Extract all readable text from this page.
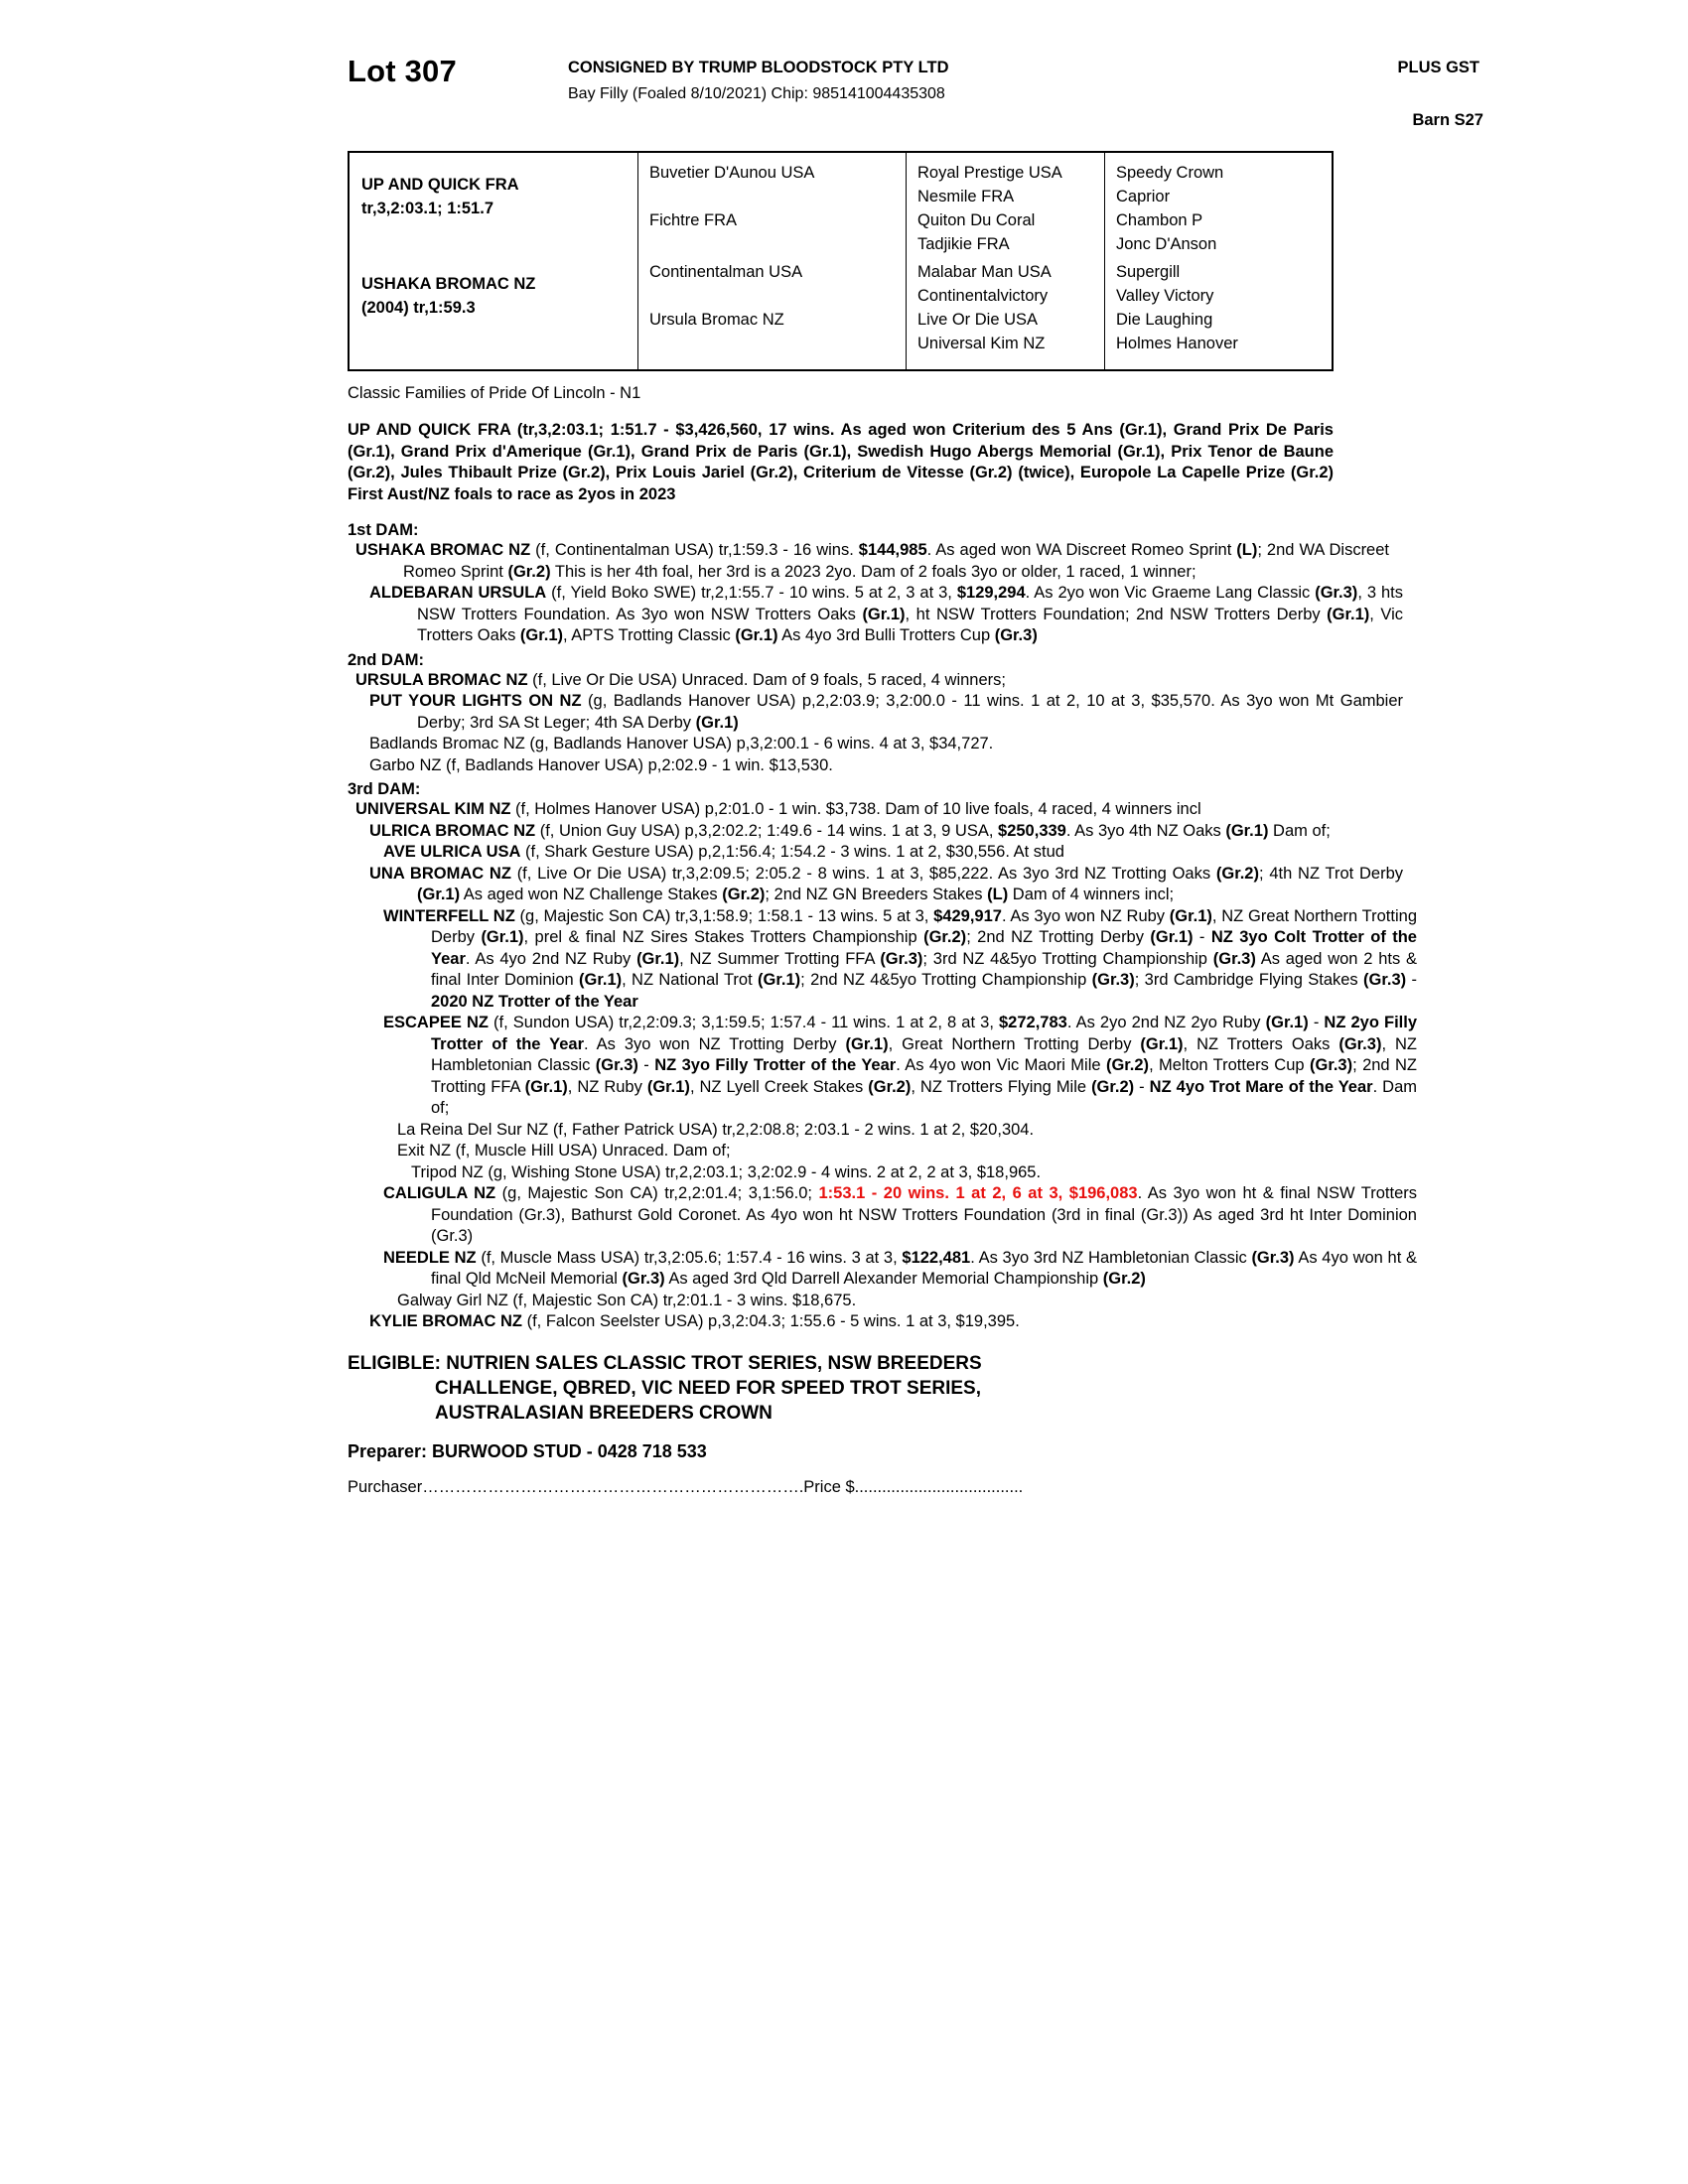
Lot 307	CONSIGNED BY TRUMP BLOODSTOCK PTY LTD	PLUS GST
Bay Filly (Foaled 8/10/2021) Chip: 985141004435308
Barn S27
UP AND QUICK FRA
tr,3,2:03.1; 1:51.7
USHAKA BROMAC NZ
(2004) tr,1:59.3
Buvetier D'Aunou USA
Fichtre FRA
Continentalman USA
Ursula Bromac NZ
Royal Prestige USA
Nesmile FRA
Quiton Du Coral
Tadjikie FRA
Malabar Man USA
Continentalvictory
Live Or Die USA
Universal Kim NZ
Speedy Crown
Caprior
Chambon P
Jonc D'Anson
Supergill
Valley Victory
Die Laughing
Holmes Hanover
Classic Families of Pride Of Lincoln - N1
UP AND QUICK FRA (tr,3,2:03.1; 1:51.7 - $3,426,560, 17 wins. As aged won Criterium des 5 Ans (Gr.1), Grand Prix De Paris (Gr.1), Grand Prix d'Amerique (Gr.1), Grand Prix de Paris (Gr.1), Swedish Hugo Abergs Memorial (Gr.1), Prix Tenor de Baune (Gr.2), Jules Thibault Prize (Gr.2), Prix Louis Jariel (Gr.2), Criterium de Vitesse (Gr.2) (twice), Europole La Capelle Prize (Gr.2) First Aust/NZ foals to race as 2yos in 2023
1st DAM:

USHAKA BROMAC NZ (f, Continentalman USA) tr,1:59.3 - 16 wins. $144,985. As aged won WA Discreet Romeo Sprint (L); 2nd WA Discreet Romeo Sprint (Gr.2) This is her 4th foal, her 3rd is a 2023 2yo. Dam of 2 foals 3yo or older, 1 raced, 1 winner;

ALDEBARAN URSULA (f, Yield Boko SWE) tr,2,1:55.7 - 10 wins. 5 at 2, 3 at 3, $129,294. As 2yo won Vic Graeme Lang Classic (Gr.3), 3 hts NSW Trotters Foundation. As 3yo won NSW Trotters Oaks (Gr.1), ht NSW Trotters Foundation; 2nd NSW Trotters Derby (Gr.1), Vic Trotters Oaks (Gr.1), APTS Trotting Classic (Gr.1) As 4yo 3rd Bulli Trotters Cup (Gr.3)

2nd DAM:

URSULA BROMAC NZ (f, Live Or Die USA) Unraced. Dam of 9 foals, 5 raced, 4 winners;

PUT YOUR LIGHTS ON NZ (g, Badlands Hanover USA) p,2,2:03.9; 3,2:00.0 - 11 wins. 1 at 2, 10 at 3, $35,570. As 3yo won Mt Gambier Derby; 3rd SA St Leger; 4th SA Derby (Gr.1)

Badlands Bromac NZ (g, Badlands Hanover USA) p,3,2:00.1 - 6 wins. 4 at 3, $34,727.

Garbo NZ (f, Badlands Hanover USA) p,2:02.9 - 1 win. $13,530.

3rd DAM:

UNIVERSAL KIM NZ (f, Holmes Hanover USA) p,2:01.0 - 1 win. $3,738. Dam of 10 live foals, 4 raced, 4 winners incl

ULRICA BROMAC NZ (f, Union Guy USA) p,3,2:02.2; 1:49.6 - 14 wins. 1 at 3, 9 USA, $250,339. As 3yo 4th NZ Oaks (Gr.1) Dam of;

AVE ULRICA USA (f, Shark Gesture USA) p,2,1:56.4; 1:54.2 - 3 wins. 1 at 2, $30,556. At stud

UNA BROMAC NZ (f, Live Or Die USA) tr,3,2:09.5; 2:05.2 - 8 wins. 1 at 3, $85,222. As 3yo 3rd NZ Trotting Oaks (Gr.2); 4th NZ Trot Derby (Gr.1) As aged won NZ Challenge Stakes (Gr.2); 2nd NZ GN Breeders Stakes (L) Dam of 4 winners incl;

WINTERFELL NZ (g, Majestic Son CA) tr,3,1:58.9; 1:58.1 - 13 wins. 5 at 3, $429,917. As 3yo won NZ Ruby (Gr.1), NZ Great Northern Trotting Derby (Gr.1), prel & final NZ Sires Stakes Trotters Championship (Gr.2); 2nd NZ Trotting Derby (Gr.1) - NZ 3yo Colt Trotter of the Year. As 4yo 2nd NZ Ruby (Gr.1), NZ Summer Trotting FFA (Gr.3); 3rd NZ 4&5yo Trotting Championship (Gr.3) As aged won 2 hts & final Inter Dominion (Gr.1), NZ National Trot (Gr.1); 2nd NZ 4&5yo Trotting Championship (Gr.3); 3rd Cambridge Flying Stakes (Gr.3) - 2020 NZ Trotter of the Year

ESCAPEE NZ (f, Sundon USA) tr,2,2:09.3; 3,1:59.5; 1:57.4 - 11 wins. 1 at 2, 8 at 3, $272,783. As 2yo 2nd NZ 2yo Ruby (Gr.1) - NZ 2yo Filly Trotter of the Year. As 3yo won NZ Trotting Derby (Gr.1), Great Northern Trotting Derby (Gr.1), NZ Trotters Oaks (Gr.3), NZ Hambletonian Classic (Gr.3) - NZ 3yo Filly Trotter of the Year. As 4yo won Vic Maori Mile (Gr.2), Melton Trotters Cup (Gr.3); 2nd NZ Trotting FFA (Gr.1), NZ Ruby (Gr.1), NZ Lyell Creek Stakes (Gr.2), NZ Trotters Flying Mile (Gr.2) - NZ 4yo Trot Mare of the Year. Dam of;

La Reina Del Sur NZ (f, Father Patrick USA) tr,2,2:08.8; 2:03.1 - 2 wins. 1 at 2, $20,304.

Exit NZ (f, Muscle Hill USA) Unraced. Dam of;

Tripod NZ (g, Wishing Stone USA) tr,2,2:03.1; 3,2:02.9 - 4 wins. 2 at 2, 2 at 3, $18,965.

CALIGULA NZ (g, Majestic Son CA) tr,2,2:01.4; 3,1:56.0; 1:53.1 - 20 wins. 1 at 2, 6 at 3, $196,083. As 3yo won ht & final NSW Trotters Foundation (Gr.3), Bathurst Gold Coronet. As 4yo won ht NSW Trotters Foundation (3rd in final (Gr.3)) As aged 3rd ht Inter Dominion (Gr.3)

NEEDLE NZ (f, Muscle Mass USA) tr,3,2:05.6; 1:57.4 - 16 wins. 3 at 3, $122,481. As 3yo 3rd NZ Hambletonian Classic (Gr.3) As 4yo won ht & final Qld McNeil Memorial (Gr.3) As aged 3rd Qld Darrell Alexander Memorial Championship (Gr.2)

Galway Girl NZ (f, Majestic Son CA) tr,2:01.1 - 3 wins. $18,675.

KYLIE BROMAC NZ (f, Falcon Seelster USA) p,3,2:04.3; 1:55.6 - 5 wins. 1 at 3, $19,395.

ELIGIBLE: NUTRIEN SALES CLASSIC TROT SERIES, NSW BREEDERS
CHALLENGE, QBRED, VIC NEED FOR SPEED TROT SERIES,
AUSTRALASIAN BREEDERS CROWN
Preparer: BURWOOD STUD - 0428 718 533
Purchaser…………………………………………………………….Price $.....................................
